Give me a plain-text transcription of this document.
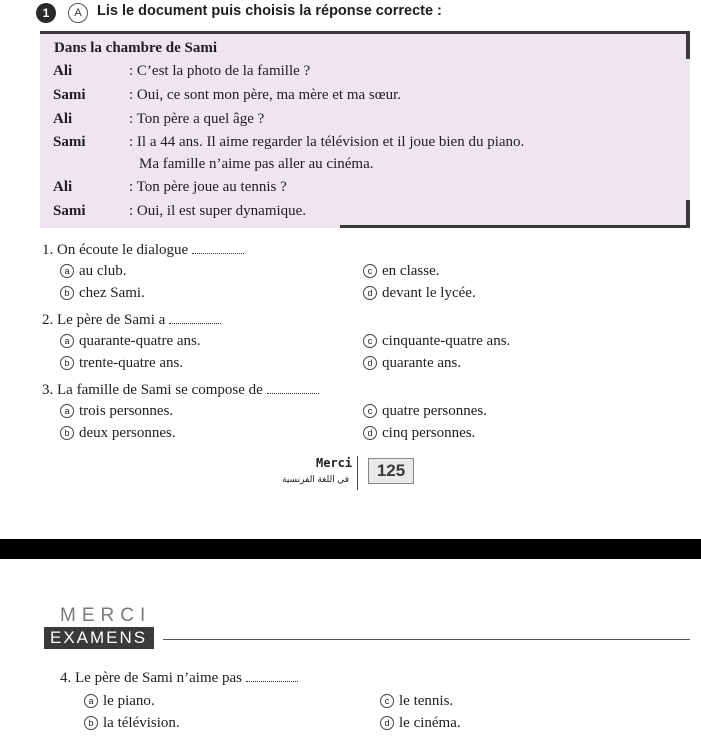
1	A	Lis le document puis choisis la réponse correcte :
Dans la chambre de Sami
Ali	: C’est la photo de la famille ?
Sami	: Oui, ce sont mon père, ma mère et ma sœur.
Ali	: Ton père a quel âge ?
Sami	: Il a 44 ans. Il aime regarder la télévision et il joue bien du piano.
Ma famille n’aime pas aller au cinéma.
Ali	: Ton père joue au tennis ?
Sami	: Oui, il est super dynamique.
1. On écoute le dialogue
a au club.
b chez Sami.
c en classe.
d devant le lycée.
2. Le père de Sami a
a quarante-quatre ans.
b trente-quatre ans.
c cinquante-quatre ans.
d quarante ans.
3. La famille de Sami se compose de
a trois personnes.
b deux personnes.
c quatre personnes.
d cinq personnes.
Merci
في اللغة الفرنسية	125
MERCI
EXAMENS
4. Le père de Sami n’aime pas
a le piano.
b la télévision.
c le tennis.
d le cinéma.
